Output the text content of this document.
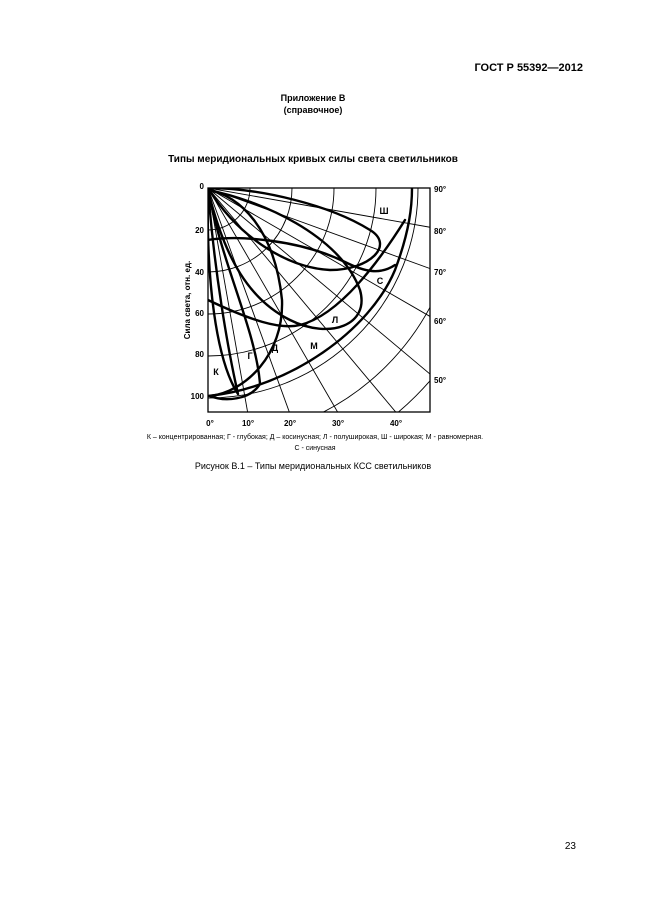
ГОСТ Р 55392—2012
Приложение В
(справочное)
Типы меридиональных кривых силы света светильников
0
20
40
60
80
100
Сила света, отн. ед.
0°	10°	20°	30°	40°
90°
80°
70°
60°
50°
Ш
С
Л
М
Д
Г
К
К – концентрированная; Г - глубокая; Д – косинусная; Л - полуширокая, Ш - широкая; М - равномерная.
С - синусная
Рисунок В.1 – Типы меридиональных КСС светильников
23
